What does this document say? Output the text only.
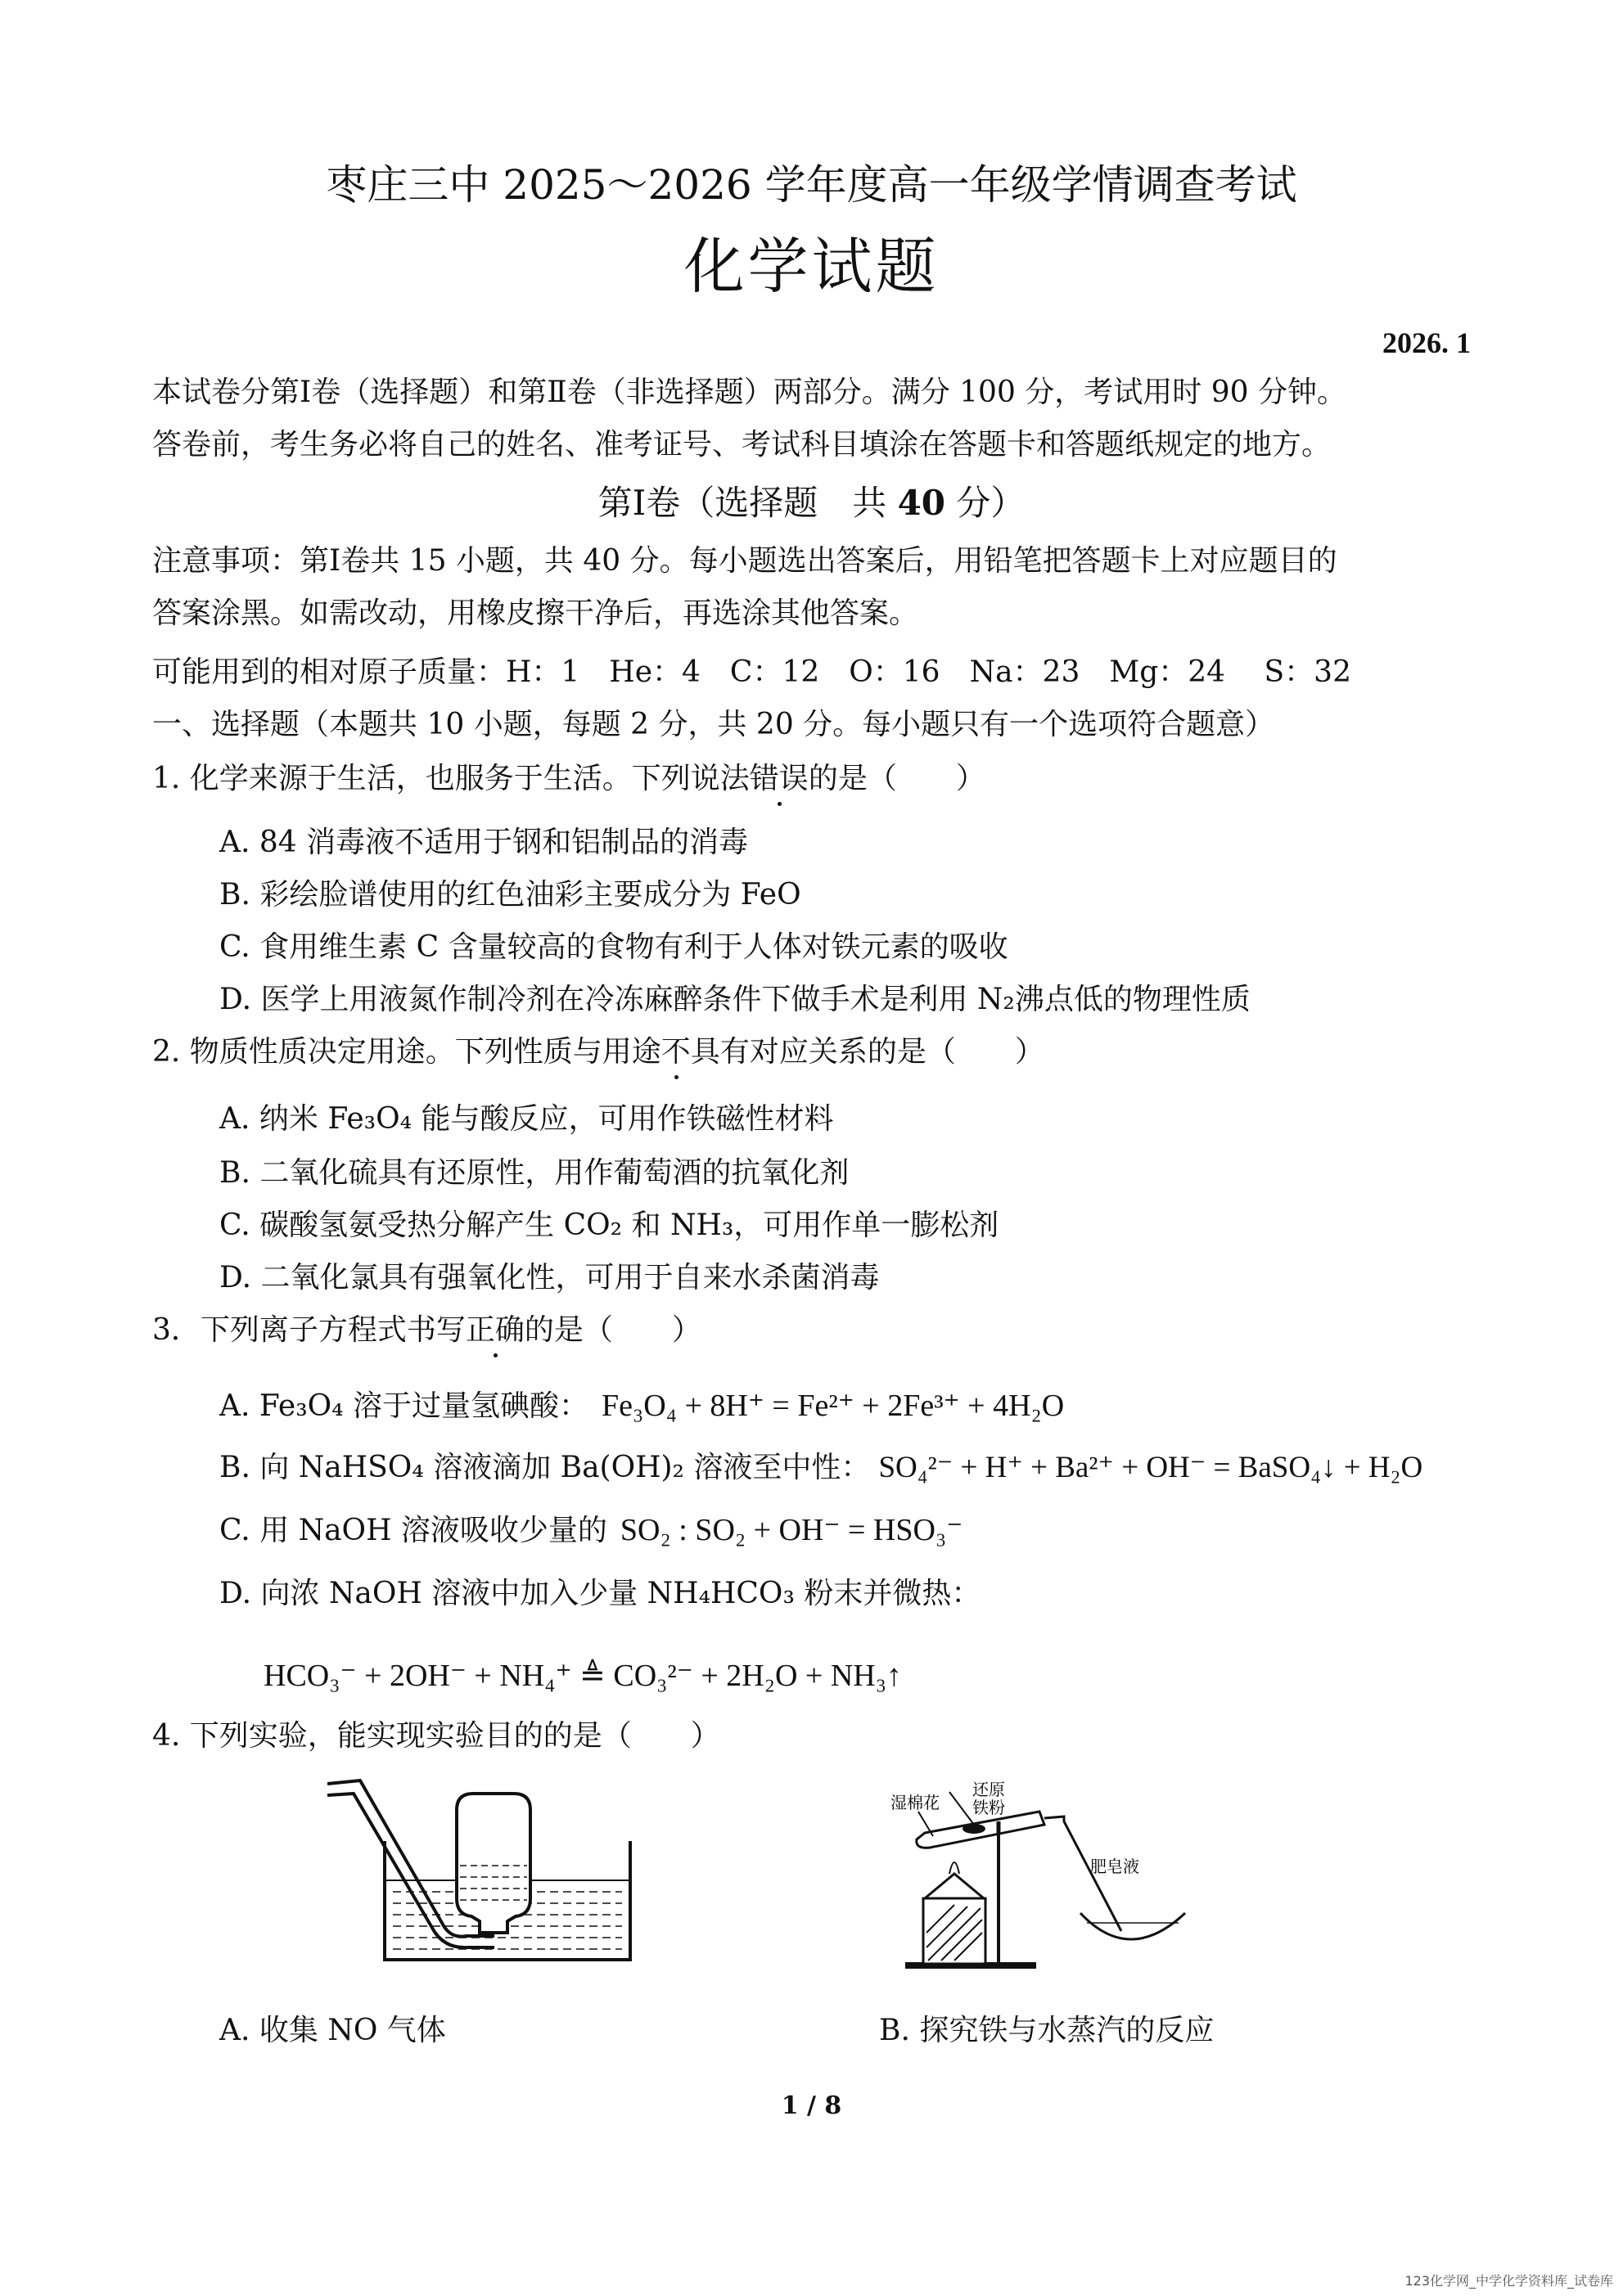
枣庄三中 2025～2026 学年度高一年级学情调查考试
化学试题
2026. 1
本试卷分第Ⅰ卷（选择题）和第Ⅱ卷（非选择题）两部分。满分 100 分，考试用时 90 分钟。
答卷前，考生务必将自己的姓名、准考证号、考试科目填涂在答题卡和答题纸规定的地方。
第Ⅰ卷（选择题　共 40 分）
注意事项：第Ⅰ卷共 15 小题，共 40 分。每小题选出答案后，用铅笔把答题卡上对应题目的
答案涂黑。如需改动，用橡皮擦干净后，再选涂其他答案。
可能用到的相对原子质量：H：1　He：4　C：12　O：16　Na：23　Mg：24　 S：32
一、选择题（本题共 10 小题，每题 2 分，共 20 分。每小题只有一个选项符合题意）
1. 化学来源于生活，也服务于生活。下列说法错误的是（　　）
A. 84 消毒液不适用于钢和铝制品的消毒
B. 彩绘脸谱使用的红色油彩主要成分为 FeO
C. 食用维生素 C 含量较高的食物有利于人体对铁元素的吸收
D. 医学上用液氮作制冷剂在冷冻麻醉条件下做手术是利用 N₂沸点低的物理性质
2. 物质性质决定用途。下列性质与用途不具有对应关系的是（　　）
A. 纳米 Fe₃O₄ 能与酸反应，可用作铁磁性材料
B. 二氧化硫具有还原性，用作葡萄酒的抗氧化剂
C. 碳酸氢氨受热分解产生 CO₂ 和 NH₃，可用作单一膨松剂
D. 二氧化氯具有强氧化性，可用于自来水杀菌消毒
3．下列离子方程式书写正确的是（　　）
A. Fe₃O₄ 溶于过量氢碘酸： Fe₃O₄ + 8H⁺ = Fe²⁺ + 2Fe³⁺ + 4H₂O
B. 向 NaHSO₄ 溶液滴加 Ba(OH)₂ 溶液至中性： SO₄²⁻ + H⁺ + Ba²⁺ + OH⁻ = BaSO₄↓ + H₂O
C. 用 NaOH 溶液吸收少量的 SO₂ : SO₂ + OH⁻ = HSO₃⁻
D. 向浓 NaOH 溶液中加入少量 NH₄HCO₃ 粉末并微热：
HCO₃⁻ + 2OH⁻ + NH₄⁺ ≜ CO₃²⁻ + 2H₂O + NH₃↑
4. 下列实验，能实现实验目的的是（　　）
还原
铁粉
湿棉花
肥皂液
A. 收集 NO 气体	B. 探究铁与水蒸汽的反应
1 / 8
123化学网_中学化学资料库_试卷库
